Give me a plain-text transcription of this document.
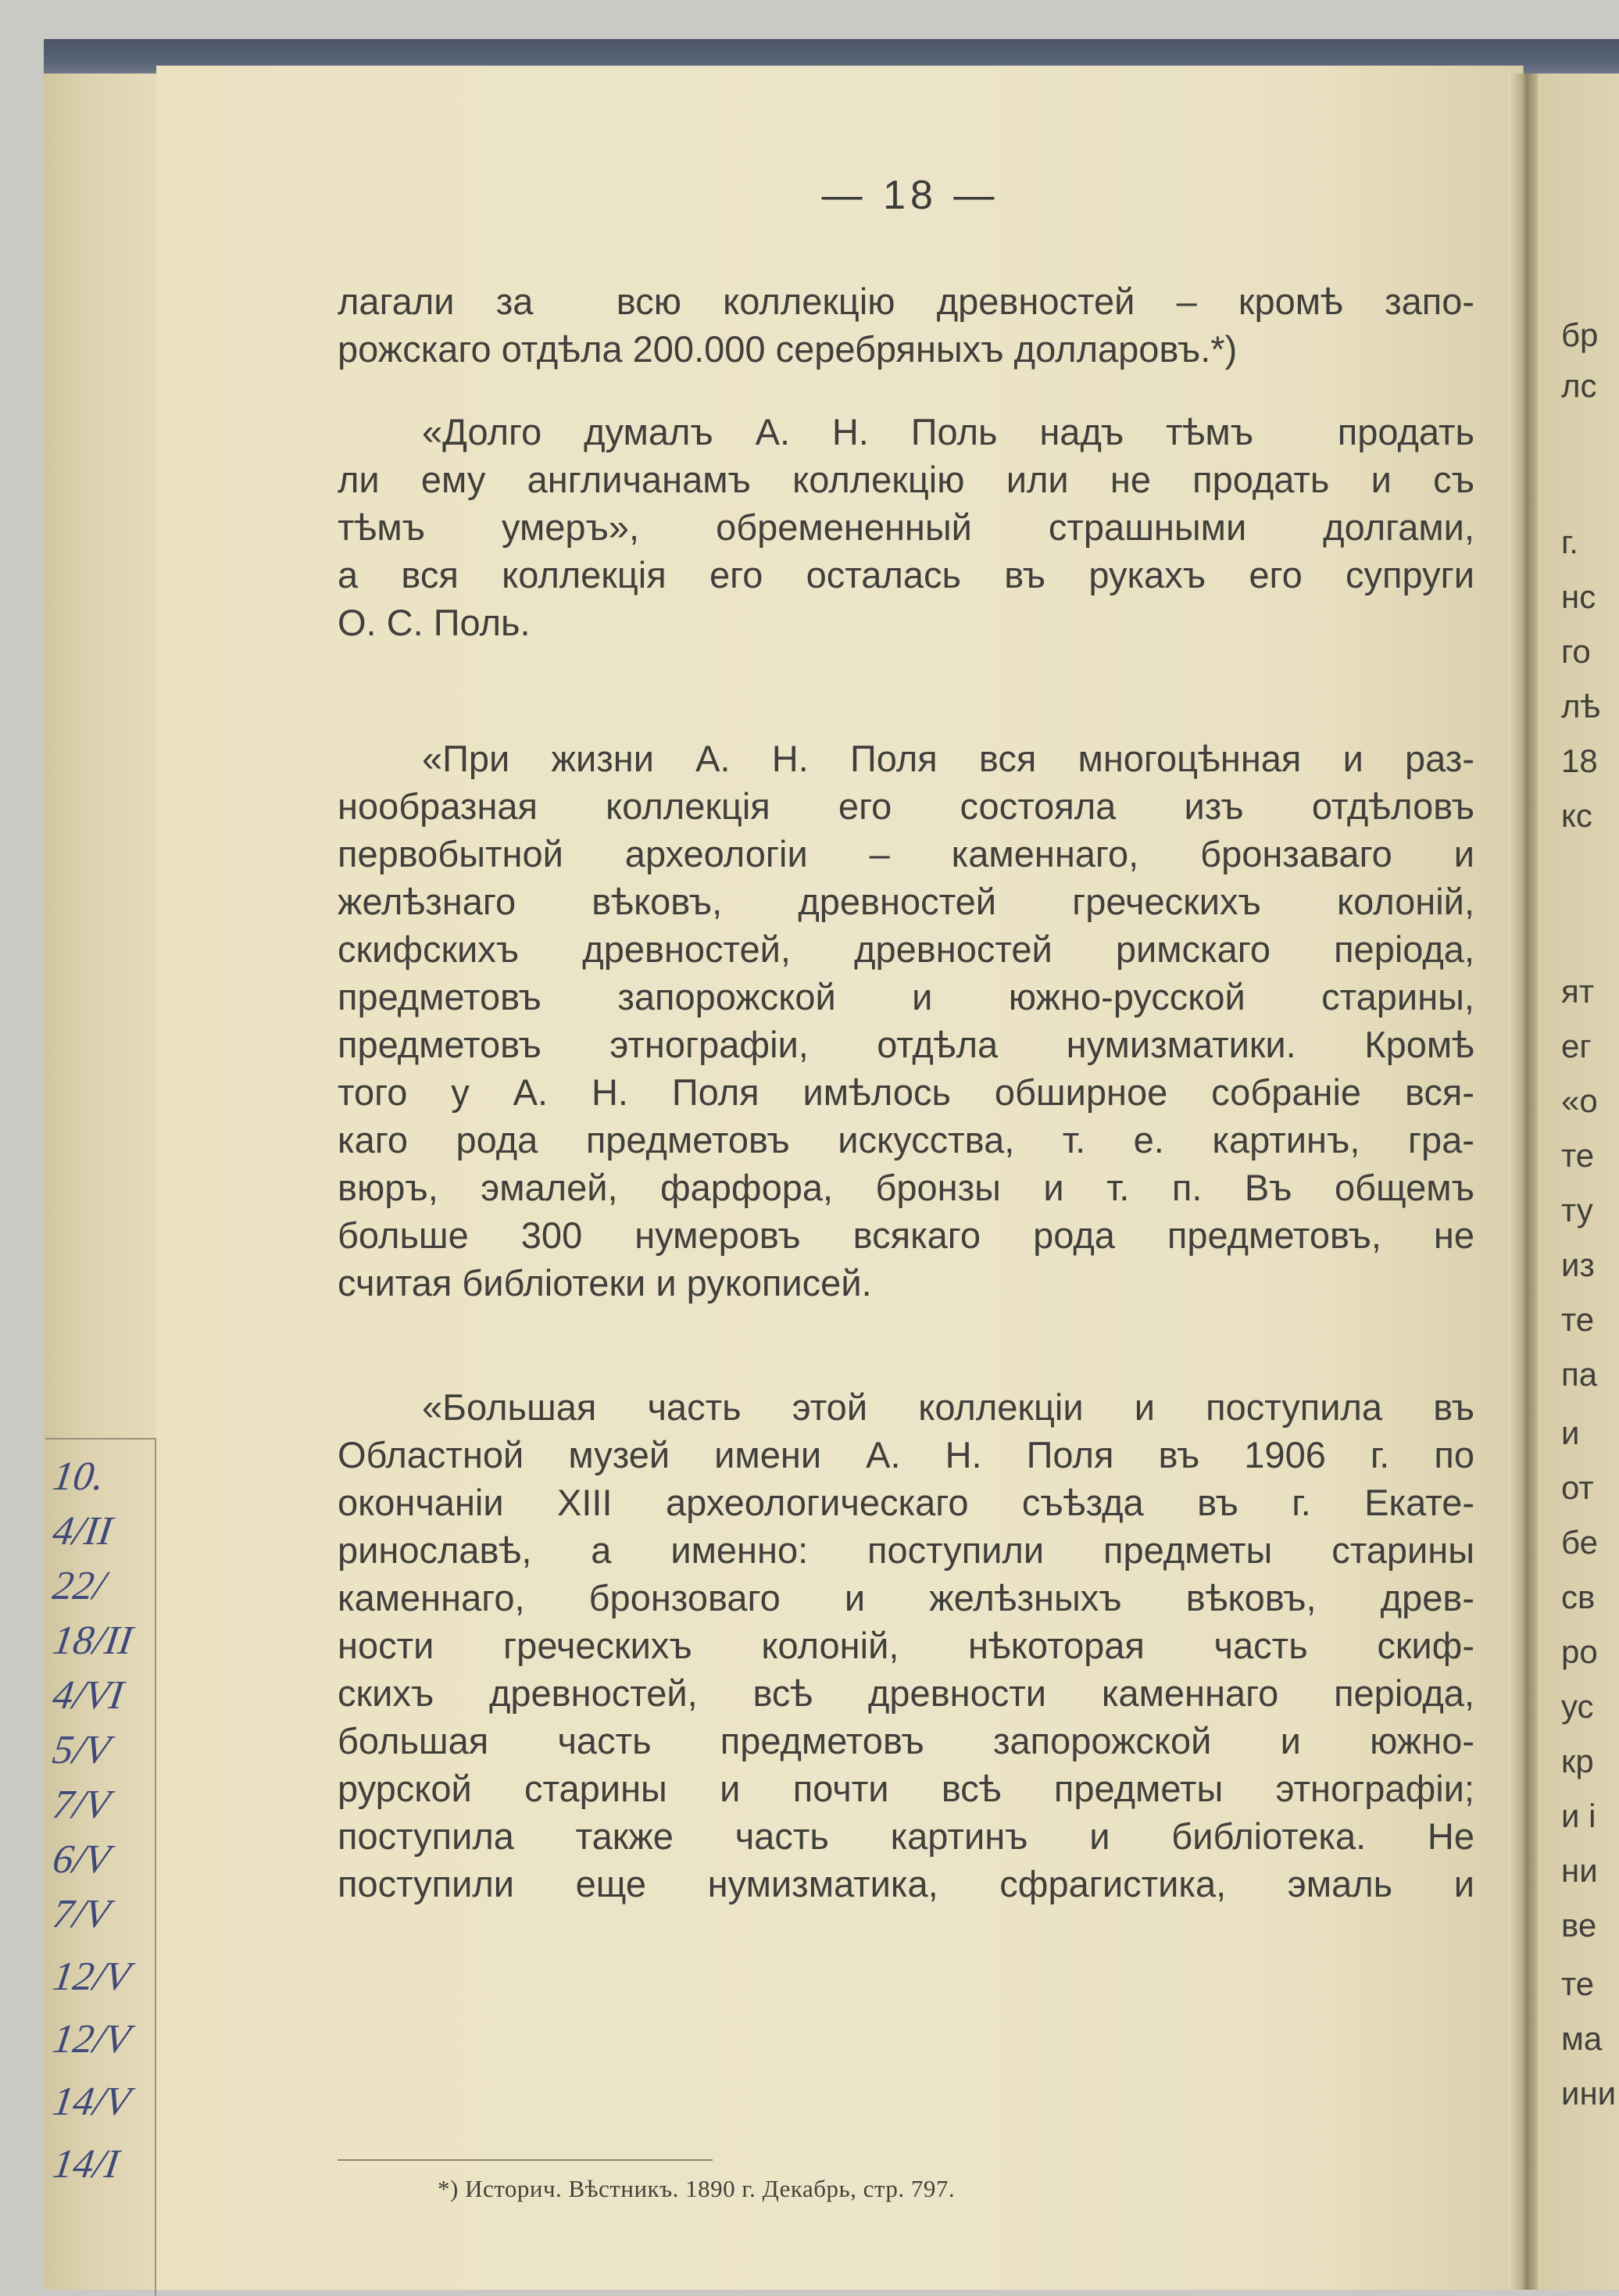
— 18 —
лагали за  всю коллекцію древностей – кромѣ запо-
рожскаго отдѣла 200.000 серебряныхъ долларовъ.*)
«Долго думалъ А. Н. Поль надъ тѣмъ  продать
ли ему англичанамъ коллекцію или не продать и съ
тѣмъ умеръ», обремененный страшными долгами,
а вся коллекція его осталась въ рукахъ его супруги
О. С. Поль.
«При жизни А. Н. Поля вся многоцѣнная и раз-
нообразная коллекція его состояла изъ отдѣловъ
первобытной археологіи – каменнаго, бронзаваго и
желѣзнаго вѣковъ, древностей греческихъ колоній,
скифскихъ древностей, древностей римскаго періода,
предметовъ запорожской и южно-русской старины,
предметовъ этнографіи, отдѣла нумизматики. Кромѣ
того у А. Н. Поля имѣлось обширное собраніе вся-
каго рода предметовъ искусства, т. е. картинъ, гра-
вюръ, эмалей, фарфора, бронзы и т. п. Въ общемъ
больше 300 нумеровъ всякаго рода предметовъ, не
считая библіотеки и рукописей.
«Большая часть этой коллекціи и поступила въ
Областной музей имени А. Н. Поля въ 1906 г. по
окончаніи XIII археологическаго съѣзда въ г. Екате-
ринославѣ, а именно: поступили предметы старины
каменнаго, бронзоваго и желѣзныхъ вѣковъ, древ-
ности греческихъ колоній, нѣкоторая часть скиф-
скихъ древностей, всѣ древности каменнаго періода,
большая часть предметовъ запорожской и южно-
рурской старины и почти всѣ предметы этнографіи;
поступила также часть картинъ и библіотека. Не
поступили еще нумизматика, сфрагистика, эмаль и
*) Историч. Вѣстникъ. 1890 г. Декабрь, стр. 797.
бр
лс
г.
нс
го
лѣ
18
кс
ят
ег
«о
те
ту
из
те
па
и
от
бе
св
ро
ус
кр
и і
ни
ве
те
ма
ини
10.
4/ІІ
22/
18/ІІ
4/VІ
5/V
7/V
6/V
7/V
12/V
12/V
14/V
14/І
